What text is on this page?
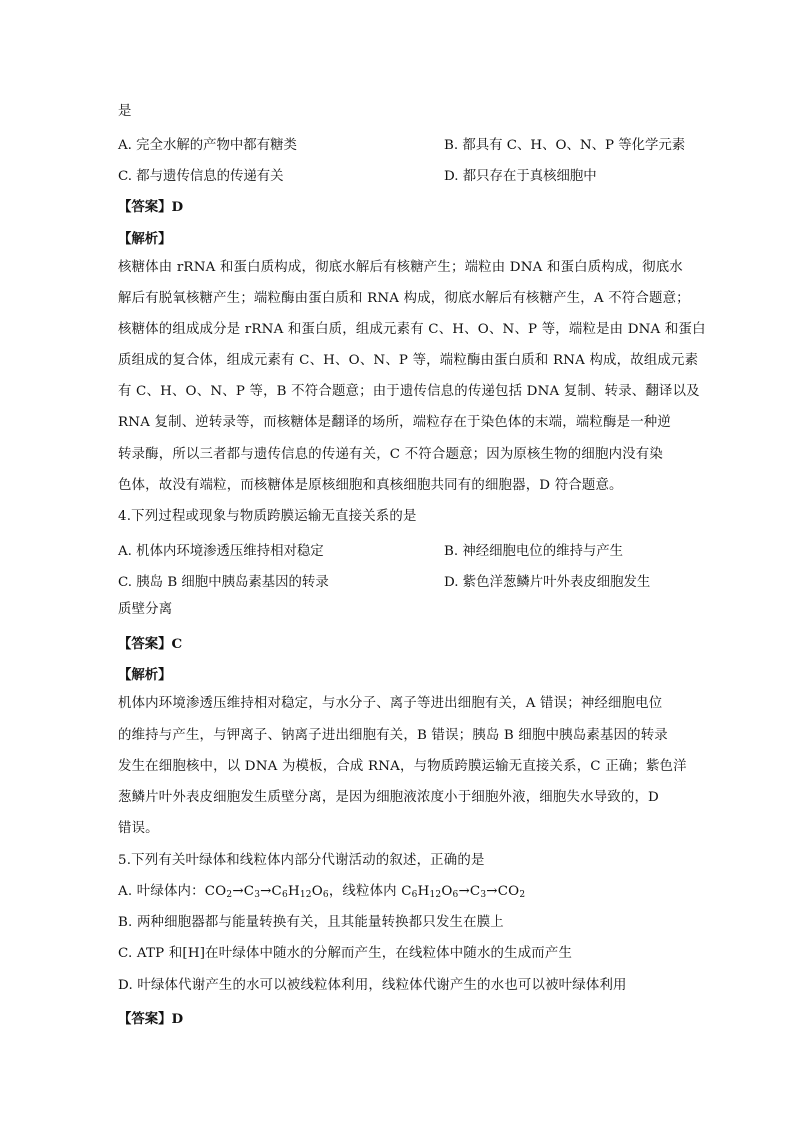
是
A. 完全水解的产物中都有糖类	B. 都具有 C、H、O、N、P 等化学元素
C. 都与遗传信息的传递有关	D. 都只存在于真核细胞中
【答案】D
【解析】
核糖体由 rRNA 和蛋白质构成，彻底水解后有核糖产生；端粒由 DNA 和蛋白质构成，彻底水
解后有脱氧核糖产生；端粒酶由蛋白质和 RNA 构成，彻底水解后有核糖产生，A 不符合题意；
核糖体的组成成分是 rRNA 和蛋白质，组成元素有 C、H、O、N、P 等，端粒是由 DNA 和蛋白
质组成的复合体，组成元素有 C、H、O、N、P 等，端粒酶由蛋白质和 RNA 构成，故组成元素
有 C、H、O、N、P 等，B 不符合题意；由于遗传信息的传递包括 DNA 复制、转录、翻译以及
RNA 复制、逆转录等，而核糖体是翻译的场所，端粒存在于染色体的末端，端粒酶是一种逆
转录酶，所以三者都与遗传信息的传递有关，C 不符合题意；因为原核生物的细胞内没有染
色体，故没有端粒，而核糖体是原核细胞和真核细胞共同有的细胞器，D 符合题意。
4.下列过程或现象与物质跨膜运输无直接关系的是
A. 机体内环境渗透压维持相对稳定	B. 神经细胞电位的维持与产生
C. 胰岛 B 细胞中胰岛素基因的转录	D. 紫色洋葱鳞片叶外表皮细胞发生
质壁分离
【答案】C
【解析】
机体内环境渗透压维持相对稳定，与水分子、离子等进出细胞有关，A 错误；神经细胞电位
的维持与产生，与钾离子、钠离子进出细胞有关，B 错误；胰岛 B 细胞中胰岛素基因的转录
发生在细胞核中，以 DNA 为模板，合成 RNA，与物质跨膜运输无直接关系，C 正确；紫色洋
葱鳞片叶外表皮细胞发生质壁分离，是因为细胞液浓度小于细胞外液，细胞失水导致的，D
错误。
5.下列有关叶绿体和线粒体内部分代谢活动的叙述，正确的是
A. 叶绿体内：$CO_2\to C_3\to C_6H_{12}O_6$，线粒体内 $C_6H_{12}O_6\to C_3\to CO_2$
B. 两种细胞器都与能量转换有关，且其能量转换都只发生在膜上
C. ATP 和[H]在叶绿体中随水的分解而产生，在线粒体中随水的生成而产生
D. 叶绿体代谢产生的水可以被线粒体利用，线粒体代谢产生的水也可以被叶绿体利用
【答案】D
